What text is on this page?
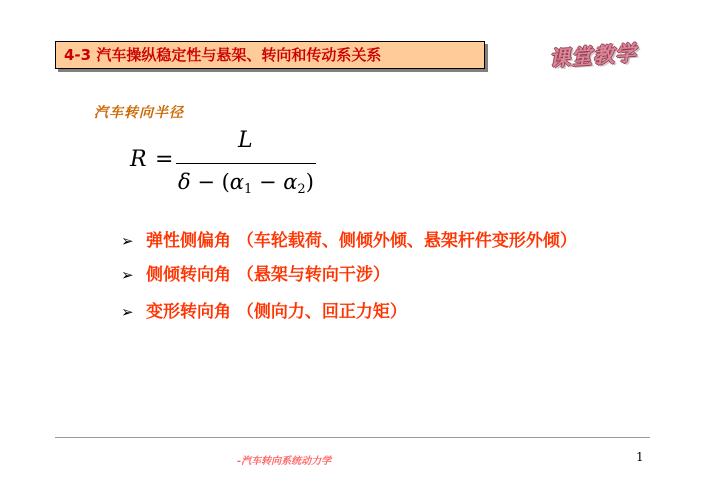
4-3 汽车操纵稳定性与悬架、转向和传动系关系	课堂教学
汽车转向半径
R =
L
$\delta - (\alpha_1 - \alpha_2)$
➢ 弹性侧偏角 （车轮载荷、侧倾外倾、悬架杆件变形外倾）
➢ 侧倾转向角 （悬架与转向干涉）
➢ 变形转向角 （侧向力、回正力矩）
-汽车转向系统动力学	1
